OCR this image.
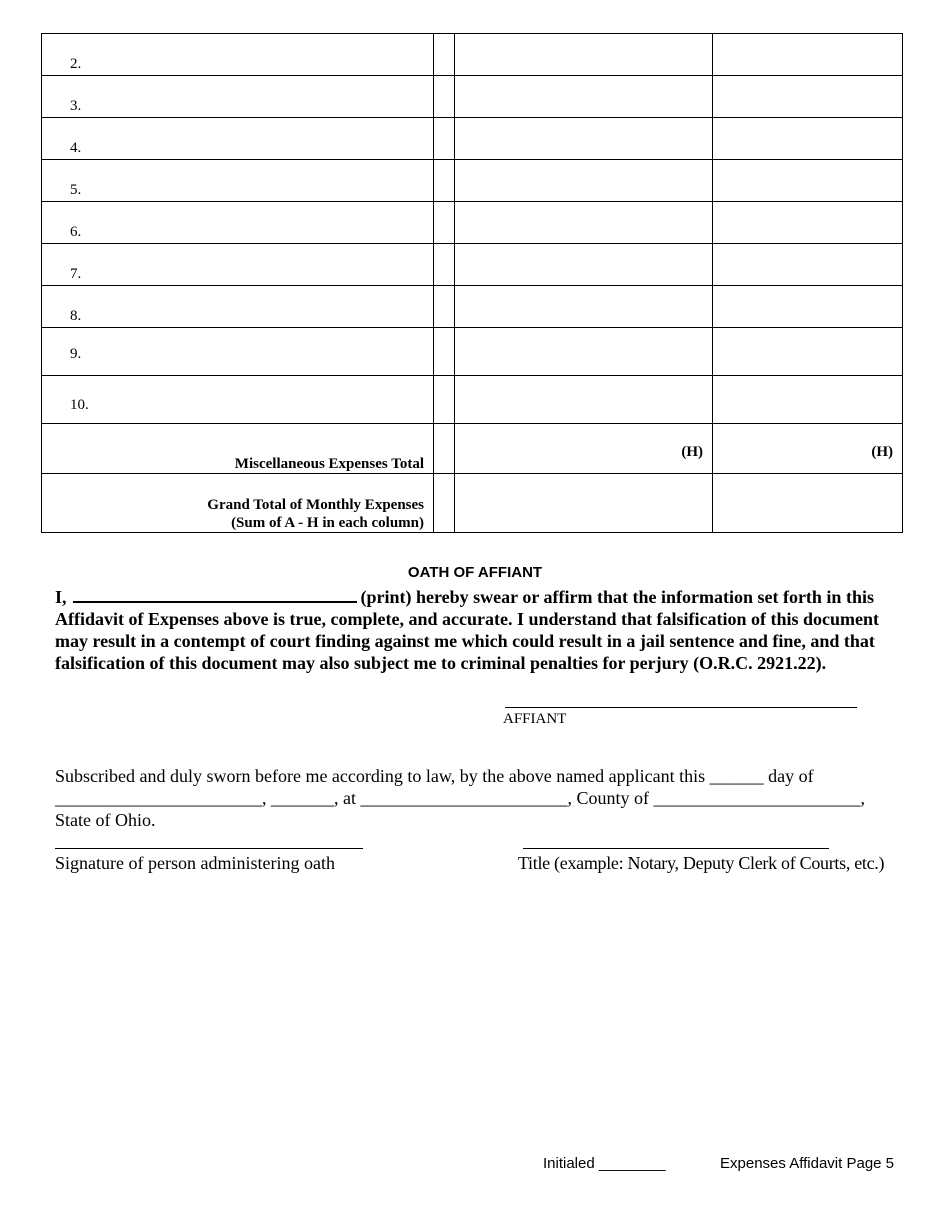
2.			

3.			

4.			

5.			

6.			

7.			

8.			

9.			

10.			

Miscellaneous Expenses Total		(H)	(H)

Grand Total of Monthly Expenses
(Sum of A - H in each column)			

OATH OF AFFIANT
I,	(print) hereby swear or affirm that the information set forth in this
Affidavit of Expenses above is true, complete, and accurate. I understand that falsification of this document
may result in a contempt of court finding against me which could result in a jail sentence and fine, and that
falsification of this document may also subject me to criminal penalties for perjury (O.R.C. 2921.22).
AFFIANT
Subscribed and duly sworn before me according to law, by the above named applicant this ______ day of
_______________________, _______, at _______________________, County of _______________________,
State of Ohio.
Signature of person administering oath	Title (example: Notary, Deputy Clerk of Courts, etc.)
Initialed ________	Expenses Affidavit Page 5
